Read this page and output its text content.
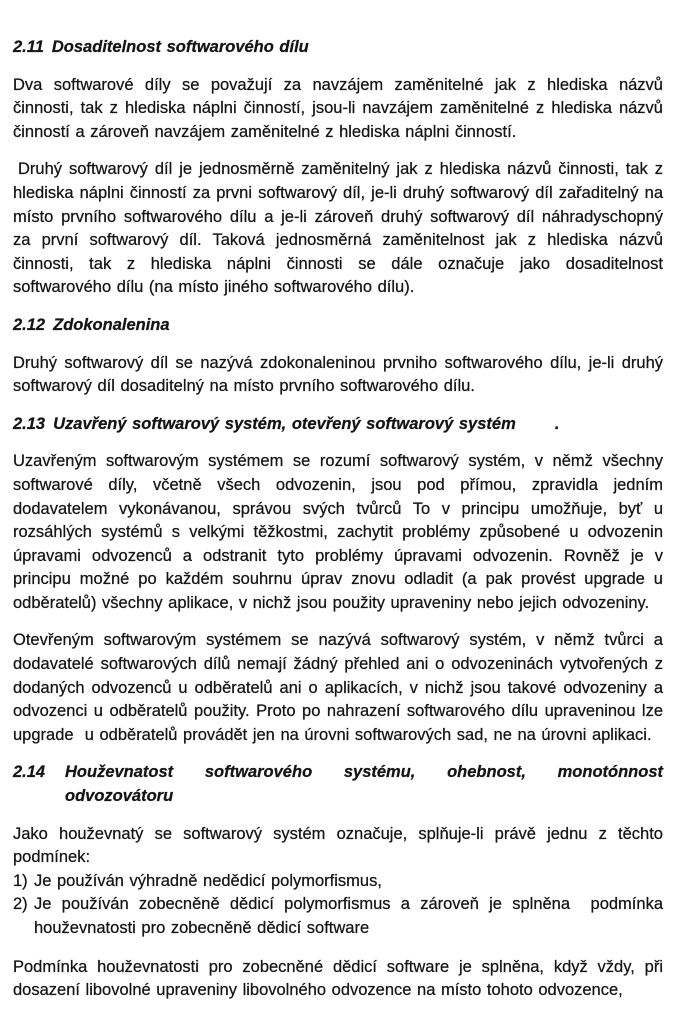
2.11 Dosaditelnost softwarového dílu

Dva softwarové díly se považují za navzájem zaměnitelné jak z hlediska názvů činnosti, tak z hlediska náplni činností, jsou-li navzájem zaměnitelné z hlediska názvů činností a zároveň navzájem zaměnitelné z hlediska náplni činností.

Druhý softwarový díl je jednosměrně zaměnitelný jak z hlediska názvů činnosti, tak z hlediska náplni činností za prvni softwarový díl, je-li druhý softwarový díl zařaditelný na místo prvního softwarového dílu a je-li zároveň druhý softwarový díl náhradyschopný za první softwarový díl. Taková jednosměrná zaměnitelnost jak z hlediska názvů činnosti, tak z hlediska náplni činnosti se dále označuje jako dosaditelnost softwarového dílu (na místo jiného softwarového dílu).

2.12 Zdokonalenina

Druhý softwarový díl se nazývá zdokonaleninou prvniho softwarového dílu, je-li druhý softwarový díl dosaditelný na místo prvního softwarového dílu.

2.13 Uzavřený softwarový systém, otevřený softwarový systém       .

Uzavřeným softwarovým systémem se rozumí softwarový systém, v němž všechny softwarové díly, včetně všech odvozenin, jsou pod přímou, zpravidla jedním dodavatelem vykonávanou, správou svých tvůrců To v principu umožňuje, byť u rozsáhlých systémů s velkými těžkostmi, zachytit problémy způsobené u odvozenin úpravami odvozenců a odstranit tyto problémy úpravami odvozenin. Rovněž je v principu možné po každém souhrnu úprav znovu odladit (a pak provést upgrade u odběratelů) všechny aplikace, v nichž jsou použity upraveniny nebo jejich odvozeniny.

Otevřeným softwarovým systémem se nazývá softwarový systém, v němž tvůrci a dodavatelé softwarových dílů nemají žádný přehled ani o odvozeninách vytvořených z dodaných odvozenců u odběratelů ani o aplikacích, v nichž jsou takové odvozeniny a odvozenci u odběratelů použity. Proto po nahrazení softwarového dílu upraveninou lze upgrade  u odběratelů provádět jen na úrovni softwarových sad, ne na úrovni aplikaci.

2.14 Houževnatost softwarového systému, ohebnost, monotónnost
odvozovátoru

Jako houževnatý se softwarový systém označuje, splňuje-li právě jednu z těchto podmínek:

1) Je používán výhradně nedědicí polymorfismus,
2) Je používán zobecněně dědicí polymorfismus a zároveň je splněna  podmínka houževnatosti pro zobecněně dědicí software

Podmínka houževnatosti pro zobecněné dědicí software je splněna, když vždy, při dosazení libovolné upraveniny libovolného odvozence na místo tohoto odvozence,
